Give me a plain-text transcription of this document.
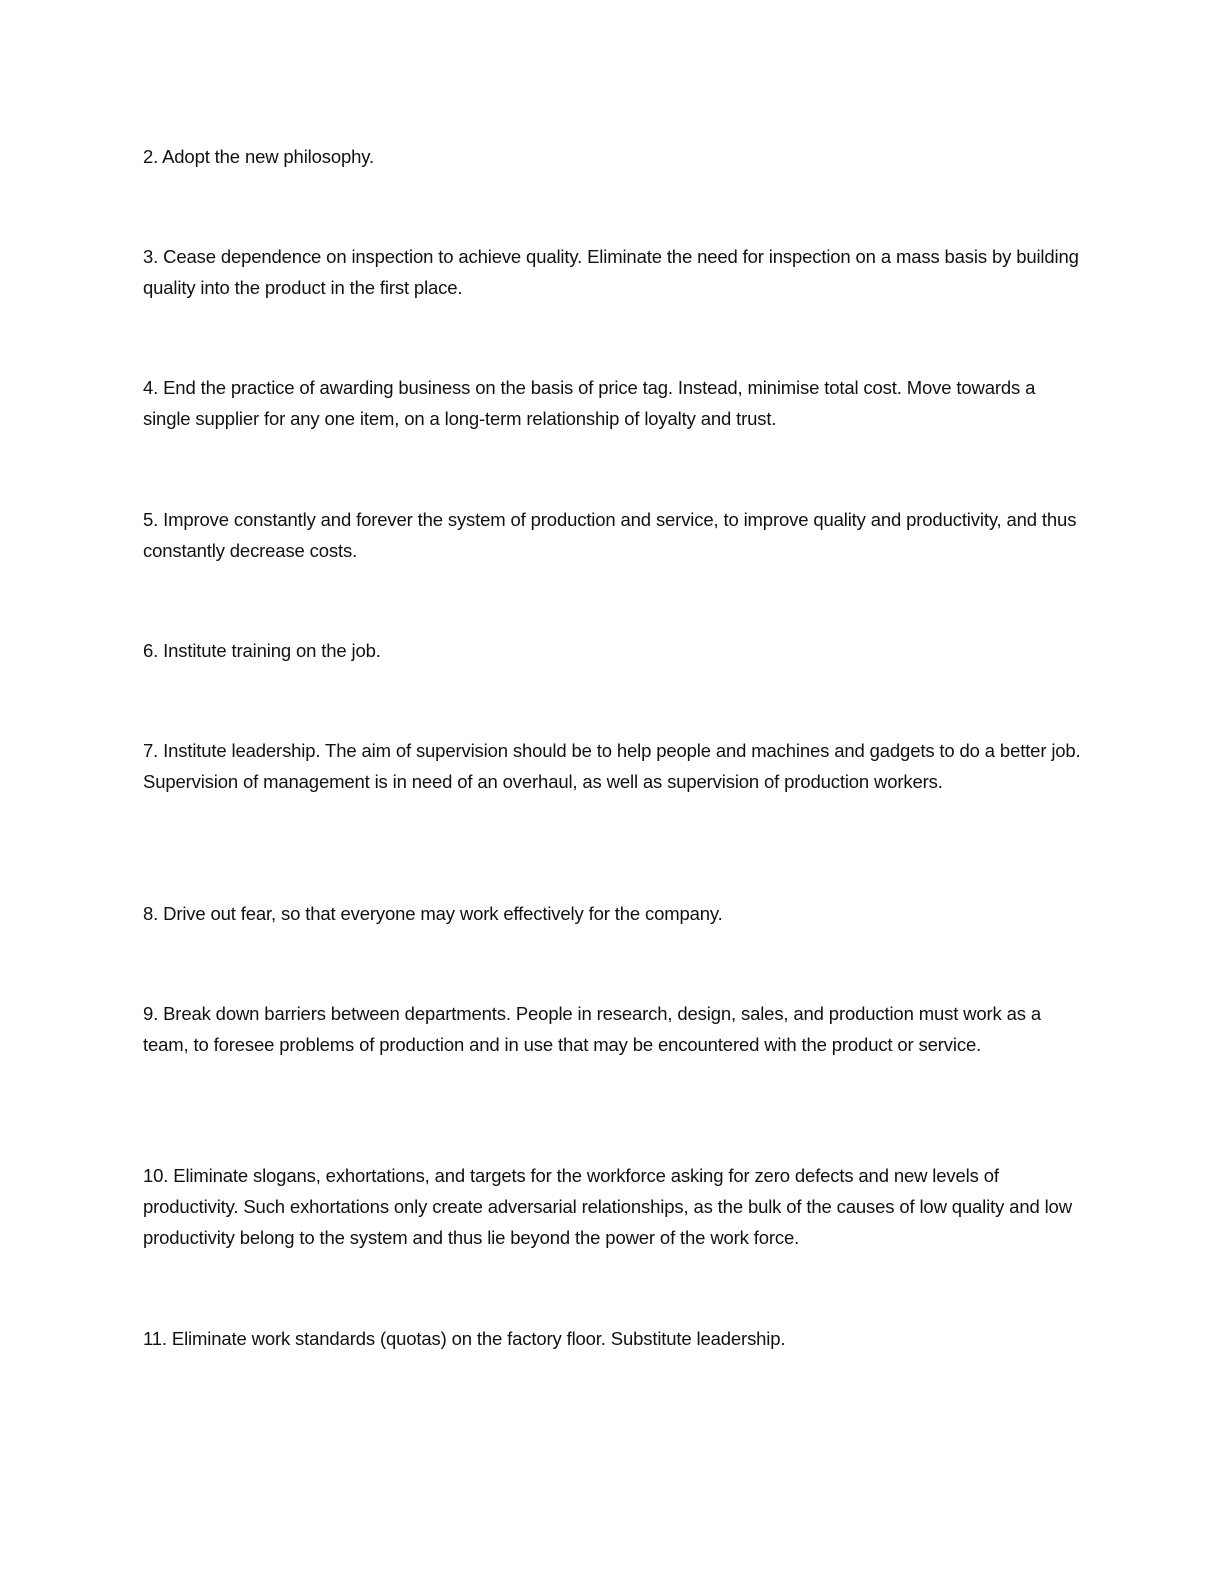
2. Adopt the new philosophy.

3. Cease dependence on inspection to achieve quality. Eliminate the need for inspection on a mass basis by building quality into the product in the first place.

4. End the practice of awarding business on the basis of price tag. Instead, minimise total cost. Move towards a single supplier for any one item, on a long-term relationship of loyalty and trust.

5. Improve constantly and forever the system of production and service, to improve quality and productivity, and thus constantly decrease costs.

6. Institute training on the job.

7. Institute leadership. The aim of supervision should be to help people and machines and gadgets to do a better job. Supervision of management is in need of an overhaul, as well as supervision of production workers.

8. Drive out fear, so that everyone may work effectively for the company.

9. Break down barriers between departments. People in research, design, sales, and production must work as a team, to foresee problems of production and in use that may be encountered with the product or service.

10. Eliminate slogans, exhortations, and targets for the workforce asking for zero defects and new levels of productivity. Such exhortations only create adversarial relationships, as the bulk of the causes of low quality and low productivity belong to the system and thus lie beyond the power of the work force.

11. Eliminate work standards (quotas) on the factory floor. Substitute leadership.
